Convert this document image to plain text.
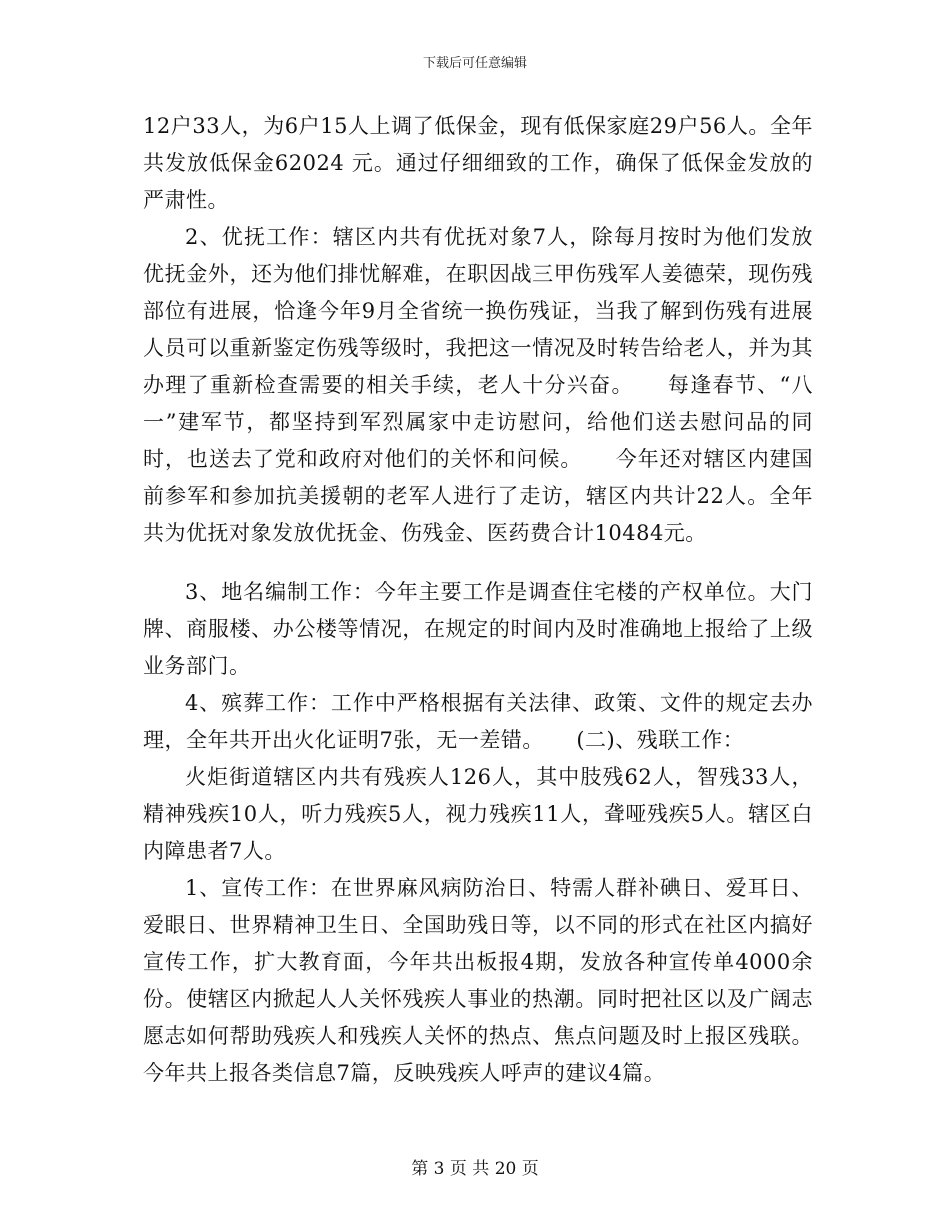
下载后可任意编辑

12户33人，为6户15人上调了低保金，现有低保家庭29户56人。全年共发放低保金62024 元。通过仔细细致的工作，确保了低保金发放的严肃性。

2、优抚工作：辖区内共有优抚对象7人，除每月按时为他们发放优抚金外，还为他们排忧解难，在职因战三甲伤残军人姜德荣，现伤残部位有进展，恰逢今年9月全省统一换伤残证，当我了解到伤残有进展人员可以重新鉴定伤残等级时，我把这一情况及时转告给老人，并为其办理了重新检查需要的相关手续，老人十分兴奋。　　每逢春节、“八一”建军节，都坚持到军烈属家中走访慰问，给他们送去慰问品的同时，也送去了党和政府对他们的关怀和问候。　　今年还对辖区内建国前参军和参加抗美援朝的老军人进行了走访，辖区内共计22人。全年共为优抚对象发放优抚金、伤残金、医药费合计10484元。

3、地名编制工作：今年主要工作是调查住宅楼的产权单位。大门牌、商服楼、办公楼等情况，在规定的时间内及时准确地上报给了上级业务部门。

4、殡葬工作：工作中严格根据有关法律、政策、文件的规定去办理，全年共开出火化证明7张，无一差错。　　(二)、残联工作：

火炬街道辖区内共有残疾人126人，其中肢残62人，智残33人，精神残疾10人，听力残疾5人，视力残疾11人，聋哑残疾5人。辖区白内障患者7人。

1、宣传工作：在世界麻风病防治日、特需人群补碘日、爱耳日、爱眼日、世界精神卫生日、全国助残日等，以不同的形式在社区内搞好宣传工作，扩大教育面，今年共出板报4期，发放各种宣传单4000余份。使辖区内掀起人人关怀残疾人事业的热潮。同时把社区以及广阔志愿志如何帮助残疾人和残疾人关怀的热点、焦点问题及时上报区残联。今年共上报各类信息7篇，反映残疾人呼声的建议4篇。

第 3 页 共 20 页
